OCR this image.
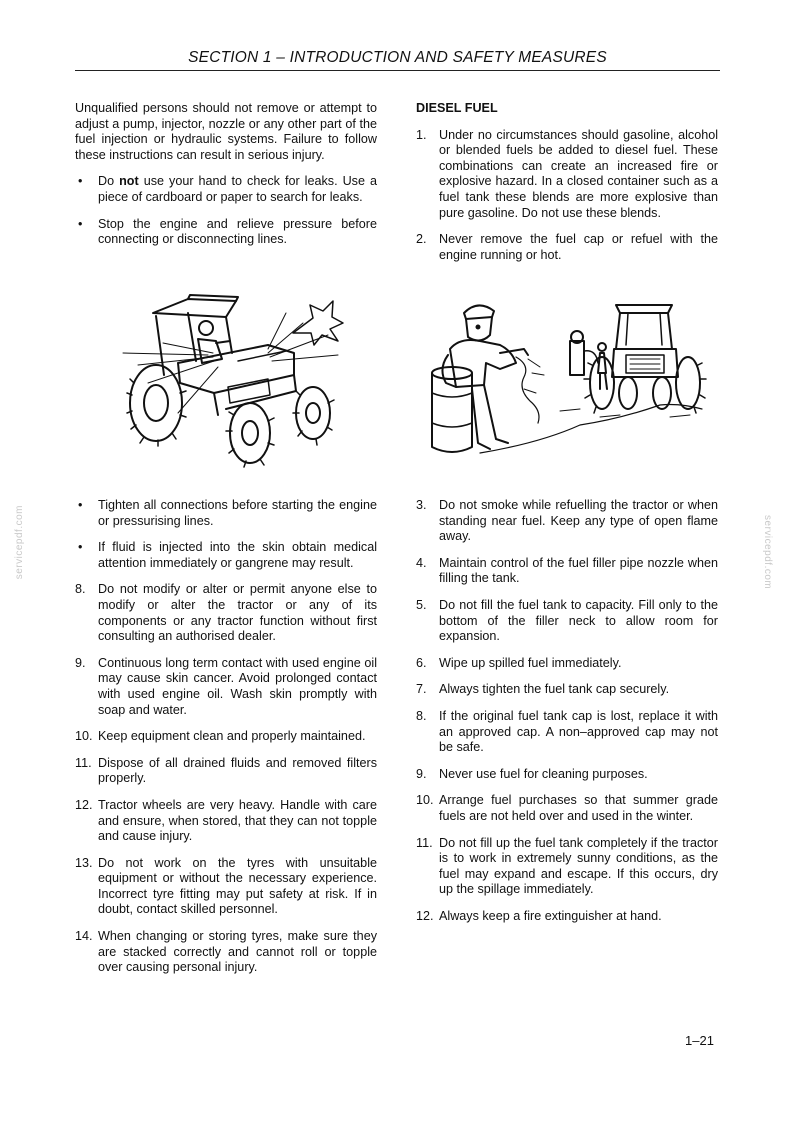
SECTION 1 – INTRODUCTION AND SAFETY MEASURES

Unqualified persons should not remove or attempt to adjust a pump, injector, nozzle or any other part of the fuel injection or hydraulic systems. Failure to follow these instructions can result in serious injury.

• Do not use your hand to check for leaks. Use a piece of cardboard or paper to search for leaks.

• Stop the engine and relieve pressure before connecting or disconnecting lines.

• Tighten all connections before starting the engine or pressurising lines.

• If fluid is injected into the skin obtain medical attention immediately or gangrene may result.

8. Do not modify or alter or permit anyone else to modify or alter the tractor or any of its components or any tractor function without first consulting an authorised dealer.

9. Continuous long term contact with used engine oil may cause skin cancer. Avoid prolonged contact with used engine oil. Wash skin promptly with soap and water.

10. Keep equipment clean and properly maintained.

11. Dispose of all drained fluids and removed filters properly.

12. Tractor wheels are very heavy. Handle with care and ensure, when stored, that they can not topple and cause injury.

13. Do not work on the tyres with unsuitable equipment or without the necessary experience. Incorrect tyre fitting may put safety at risk. If in doubt, contact skilled personnel.

14. When changing or storing tyres, make sure they are stacked correctly and cannot roll or topple over causing personal injury.

DIESEL FUEL

1. Under no circumstances should gasoline, alcohol or blended fuels be added to diesel fuel. These combinations can create an increased fire or explosive hazard. In a closed container such as a fuel tank these blends are more explosive than pure gasoline. Do not use these blends.

2. Never remove the fuel cap or refuel with the engine running or hot.

3. Do not smoke while refuelling the tractor or when standing near fuel. Keep any type of open flame away.

4. Maintain control of the fuel filler pipe nozzle when filling the tank.

5. Do not fill the fuel tank to capacity. Fill only to the bottom of the filler neck to allow room for expansion.

6. Wipe up spilled fuel immediately.

7. Always tighten the fuel tank cap securely.

8. If the original fuel tank cap is lost, replace it with an approved cap. A non–approved cap may not be safe.

9. Never use fuel for cleaning purposes.

10. Arrange fuel purchases so that summer grade fuels are not held over and used in the winter.

11. Do not fill up the fuel tank completely if the tractor is to work in extremely sunny conditions, as the fuel may expand and escape. If this occurs, dry up the spillage immediately.

12. Always keep a fire extinguisher at hand.

servicepdf.com	servicepdf.com
1–21
